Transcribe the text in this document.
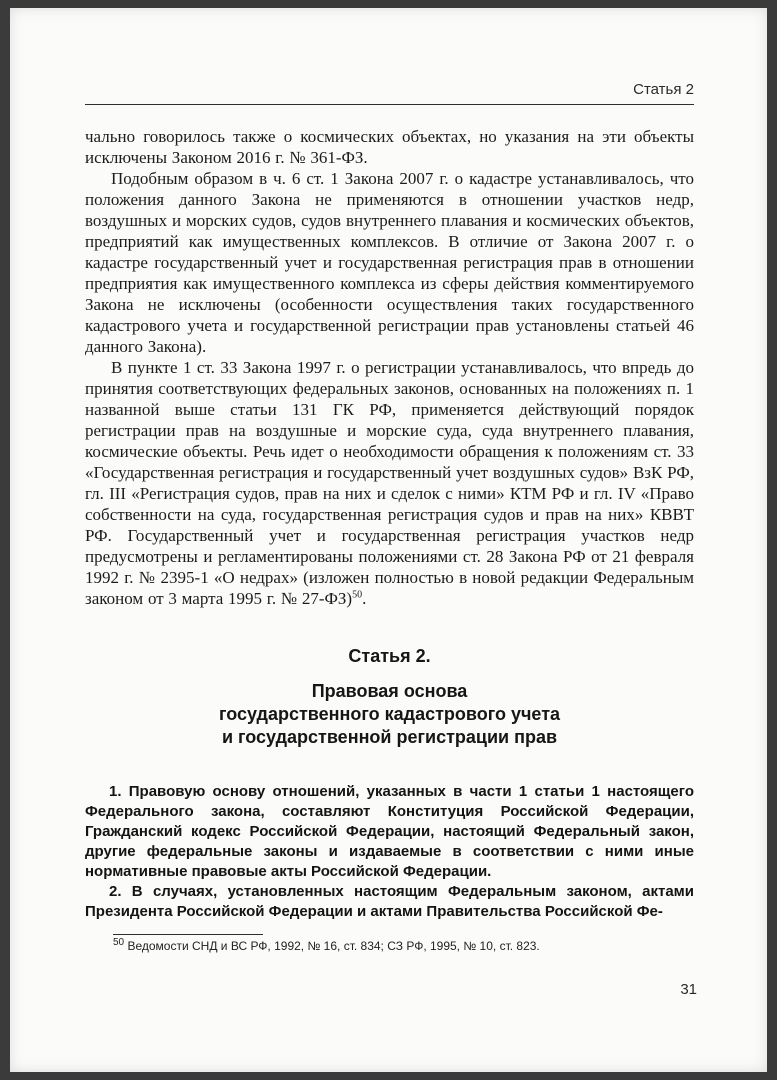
Статья 2

чально говорилось также о космических объектах, но указания на эти объекты исключены Законом 2016 г. № 361-ФЗ.

Подобным образом в ч. 6 ст. 1 Закона 2007 г. о кадастре устанавливалось, что положения данного Закона не применяются в отношении участков недр, воздушных и морских судов, судов внутреннего плавания и космических объектов, предприятий как имущественных комплексов. В отличие от Закона 2007 г. о кадастре государственный учет и государственная регистрация прав в отношении предприятия как имущественного комплекса из сферы действия комментируемого Закона не исключены (особенности осуществления таких государственного кадастрового учета и государственной регистрации прав установлены статьей 46 данного Закона).

В пункте 1 ст. 33 Закона 1997 г. о регистрации устанавливалось, что впредь до принятия соответствующих федеральных законов, основанных на положениях п. 1 названной выше статьи 131 ГК РФ, применяется действующий порядок регистрации прав на воздушные и морские суда, суда внутреннего плавания, космические объекты. Речь идет о необходимости обращения к положениям ст. 33 «Государственная регистрация и государственный учет воздушных судов» ВзК РФ, гл. III «Регистрация судов, прав на них и сделок с ними» КТМ РФ и гл. IV «Право собственности на суда, государственная регистрация судов и прав на них» КВВТ РФ. Государственный учет и государственная регистрация участков недр предусмотрены и регламентированы положениями ст. 28 Закона РФ от 21 февраля 1992 г. № 2395-1 «О недрах» (изложен полностью в новой редакции Федеральным законом от 3 марта 1995 г. № 27-ФЗ)$^{50}$.

Статья 2.
Правовая основа
государственного кадастрового учета
и государственной регистрации прав

1. Правовую основу отношений, указанных в части 1 статьи 1 настоящего Федерального закона, составляют Конституция Российской Федерации, Гражданский кодекс Российской Федерации, настоящий Федеральный закон, другие федеральные законы и издаваемые в соответствии с ними иные нормативные правовые акты Российской Федерации.

2. В случаях, установленных настоящим Федеральным законом, актами Президента Российской Федерации и актами Правительства Российской Фе-

$^{50}$ Ведомости СНД и ВС РФ, 1992, № 16, ст. 834; СЗ РФ, 1995, № 10, ст. 823.

31
